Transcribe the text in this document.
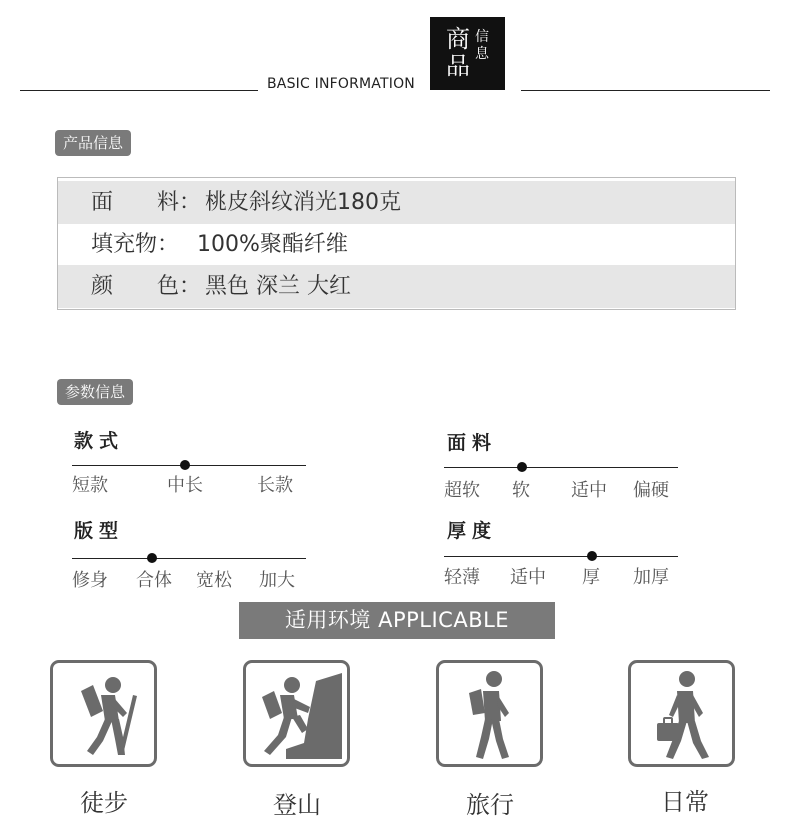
BASIC INFORMATION
商
品
信
息
产品信息
面　　料： 桃皮斜纹消光180克
填充物： 100%聚酯纤维
颜　　色： 黑色 深兰 大红
参数信息
款式
短款	中长	长款
面料
超软 软 适中 偏硬
版型
修身 合体 宽松 加大
厚度
轻薄 适中 厚 加厚
适用环境 APPLICABLE
徒步	登山	旅行	日常
